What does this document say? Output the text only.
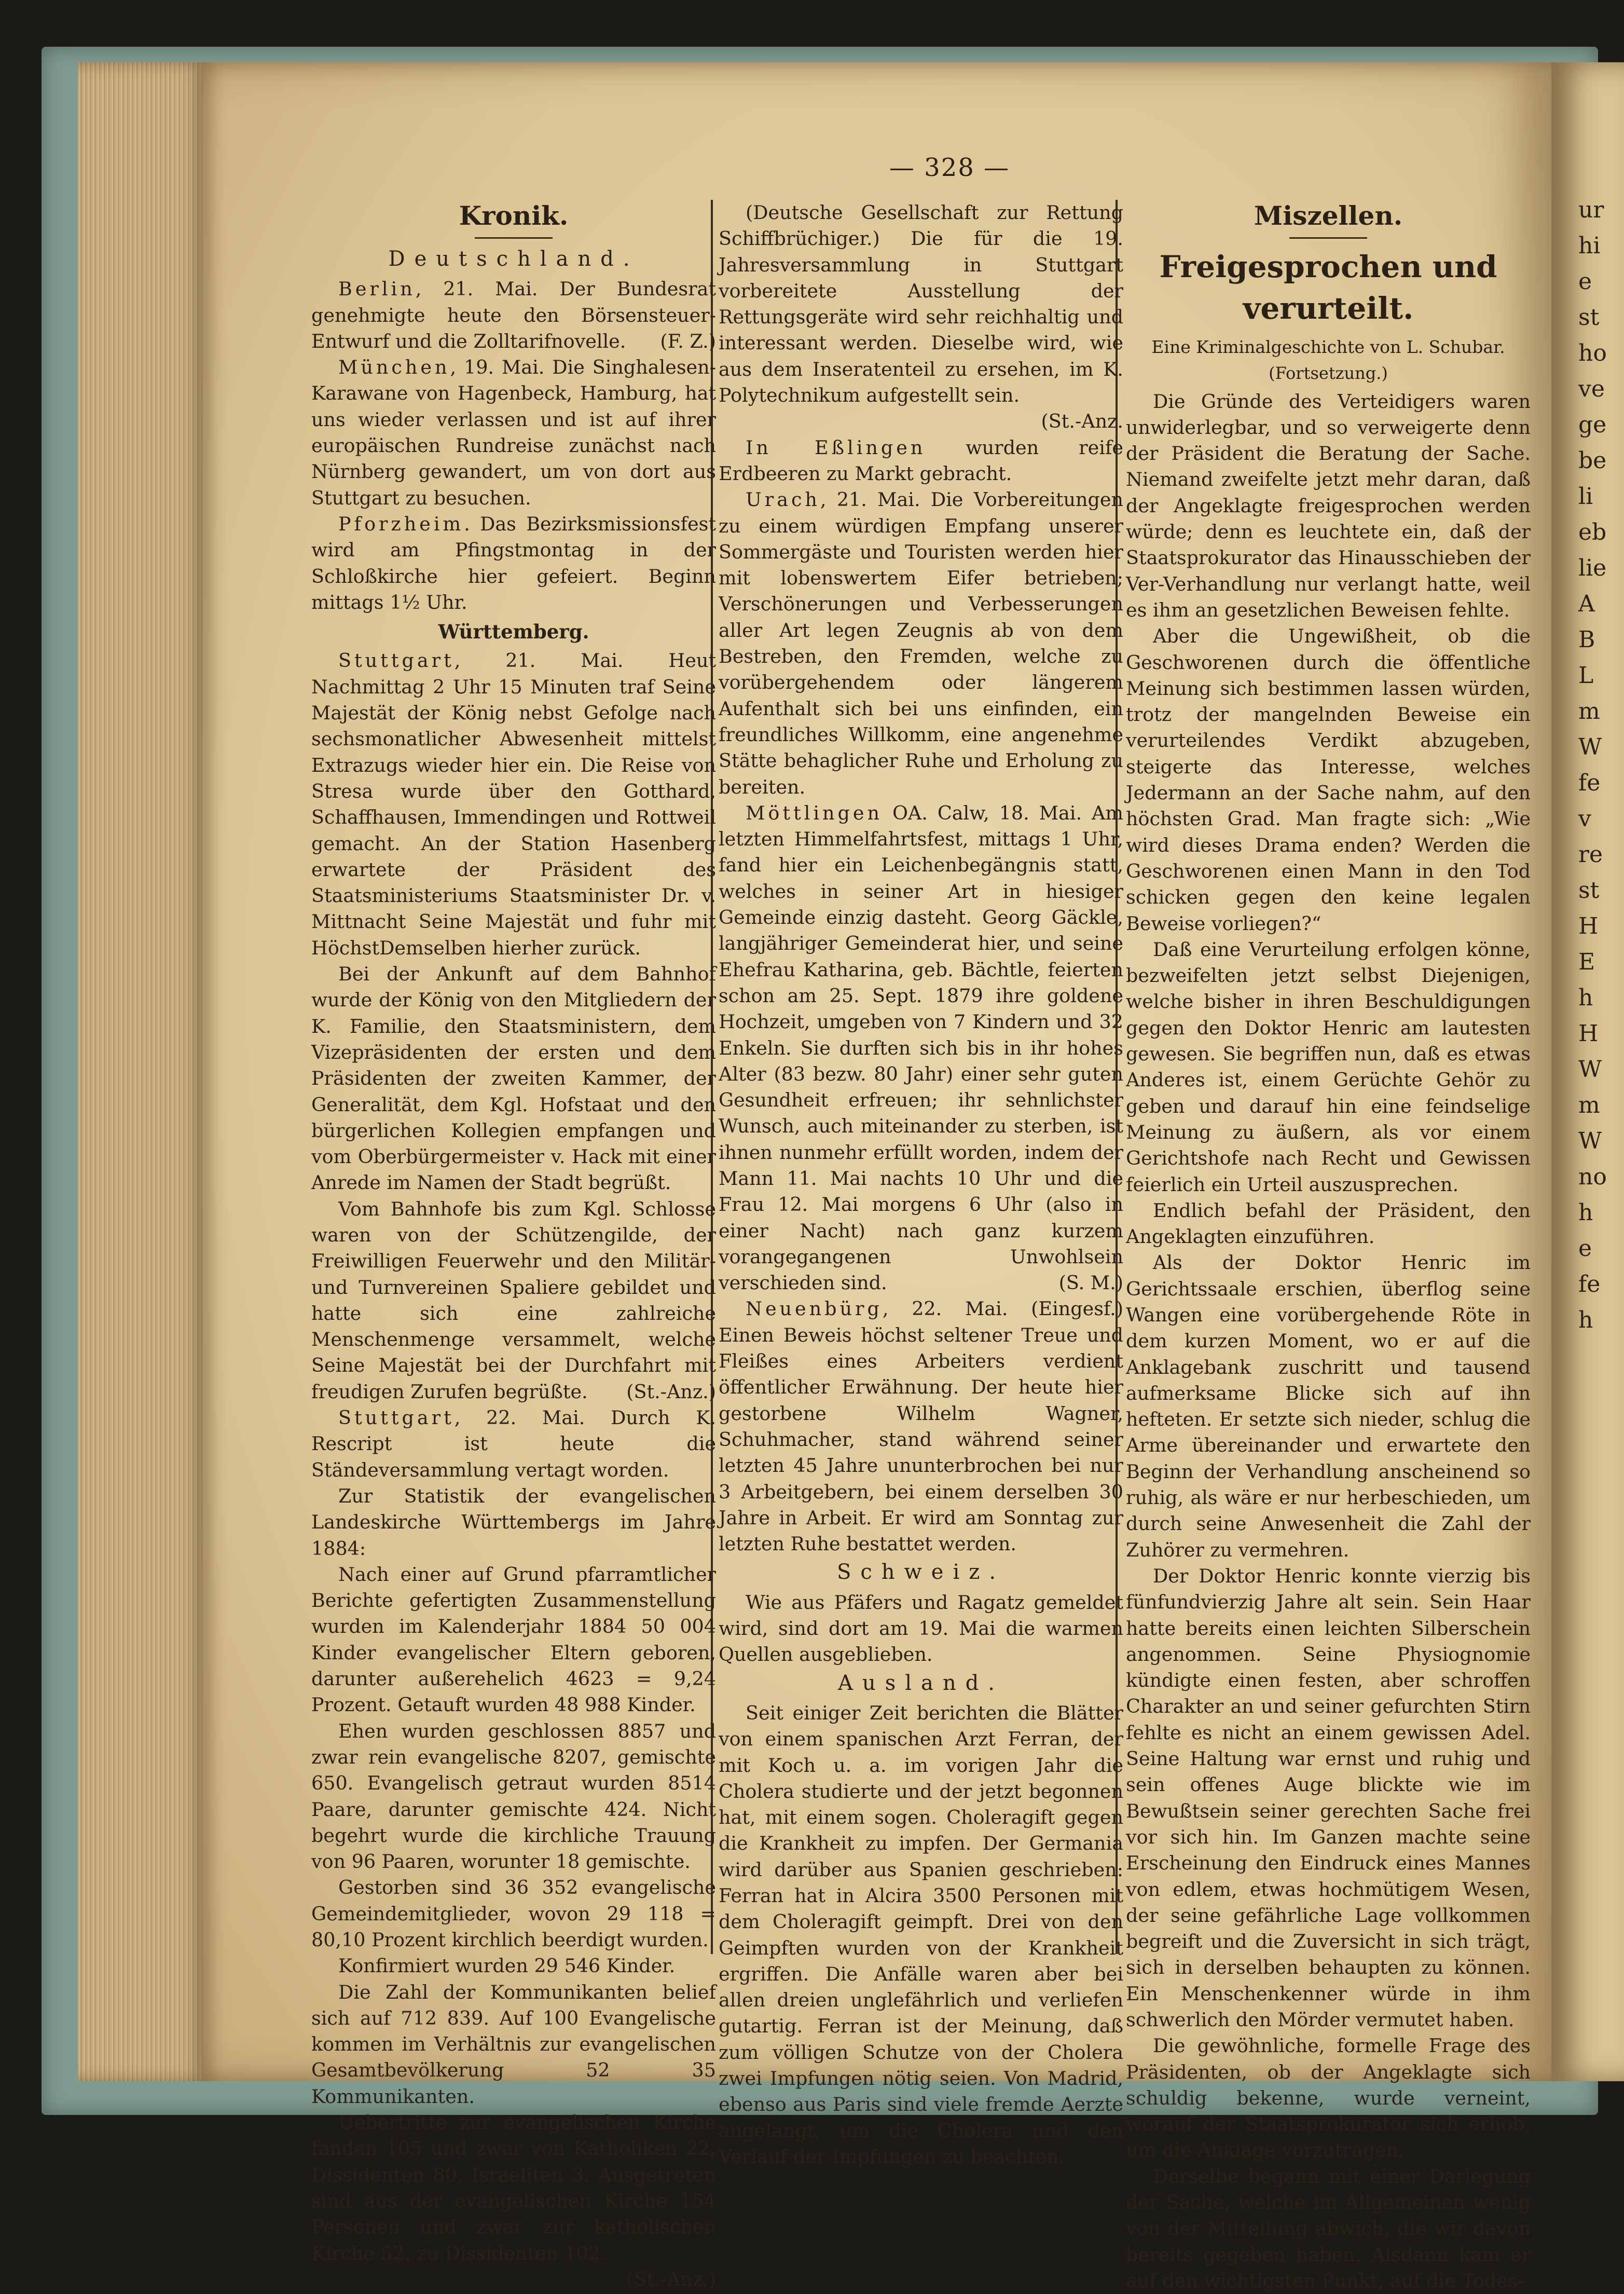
ur
hi
e
st
ho
ve
ge
be
li
eb
lie
A
B
L
m
W
fe
v
re
st
H
E
h
H
W
m
W
no
h
e
fe
h
— 328 —
Kronik.
Deutschland.

Berlin, 21. Mai. Der Bundesrat genehmigte heute den Börsensteuer-Entwurf und die Zolltarifnovelle.	(F. Z.)

München, 19. Mai. Die Singhalesen-Karawane von Hagenbeck, Hamburg, hat uns wieder verlassen und ist auf ihrer europäischen Rundreise zunächst nach Nürnberg gewandert, um von dort aus Stuttgart zu besuchen.

Pforzheim. Das Bezirksmissionsfest wird am Pfingstmontag in der Schloßkirche hier gefeiert. Beginn mittags 1½ Uhr.

Württemberg.

Stuttgart, 21. Mai. Heut Nachmittag 2 Uhr 15 Minuten traf Seine Majestät der König nebst Gefolge nach sechsmonatlicher Abwesenheit mittelst Extrazugs wieder hier ein. Die Reise von Stresa wurde über den Gotthard, Schaffhausen, Immendingen und Rottweil gemacht. An der Station Hasenberg erwartete der Präsident des Staatsministeriums Staatsminister Dr. v. Mittnacht Seine Majestät und fuhr mit HöchstDemselben hierher zurück.

Bei der Ankunft auf dem Bahnhof wurde der König von den Mitgliedern der K. Familie, den Staatsministern, dem Vizepräsidenten der ersten und dem Präsidenten der zweiten Kammer, der Generalität, dem Kgl. Hofstaat und den bürgerlichen Kollegien empfangen und vom Oberbürgermeister v. Hack mit einer Anrede im Namen der Stadt begrüßt.

Vom Bahnhofe bis zum Kgl. Schlosse waren von der Schützengilde, der Freiwilligen Feuerwehr und den Militär- und Turnvereinen Spaliere gebildet und hatte sich eine zahlreiche Menschenmenge versammelt, welche Seine Majestät bei der Durchfahrt mit freudigen Zurufen begrüßte.	(St.-Anz.)

Stuttgart, 22. Mai. Durch K. Rescript ist heute die Ständeversammlung vertagt worden.

Zur Statistik der evangelischen Landeskirche Württembergs im Jahre 1884:

Nach einer auf Grund pfarramtlicher Berichte gefertigten Zusammenstellung wurden im Kalenderjahr 1884 50 004 Kinder evangelischer Eltern geboren, darunter außerehelich 4623 = 9,24 Prozent. Getauft wurden 48 988 Kinder.

Ehen wurden geschlossen 8857 und zwar rein evangelische 8207, gemischte 650. Evangelisch getraut wurden 8514 Paare, darunter gemischte 424. Nicht begehrt wurde die kirchliche Trauung von 96 Paaren, worunter 18 gemischte.

Gestorben sind 36 352 evangelische Gemeindemitglieder, wovon 29 118 = 80,10 Prozent kirchlich beerdigt wurden.

Konfirmiert wurden 29 546 Kinder.

Die Zahl der Kommunikanten belief sich auf 712 839. Auf 100 Evangelische kommen im Verhältnis zur evangelischen Gesamtbevölkerung 52 35 Kommunikanten.

Uebertritte zur evangelischen Kirche fanden 105 und zwar von Katholiken 22, Dissidenten 80, Israeliten 3. Ausgetreten sind aus der evangelischen Kirche 154 Personen und zwar zur katholischen Kirche 52, zu Dissidenten 102.
(St.-Anz.)

(Deutsche Gesellschaft zur Rettung Schiffbrüchiger.) Die für die 19. Jahresversammlung in Stuttgart vorbereitete Ausstellung der Rettungsgeräte wird sehr reichhaltig und interessant werden. Dieselbe wird, wie aus dem Inseratenteil zu ersehen, im K. Polytechnikum aufgestellt sein.
(St.-Anz.

In Eßlingen wurden reife Erdbeeren zu Markt gebracht.

Urach, 21. Mai. Die Vorbereitungen zu einem würdigen Empfang unserer Sommergäste und Touristen werden hier mit lobenswertem Eifer betrieben; Verschönerungen und Verbesserungen aller Art legen Zeugnis ab von dem Bestreben, den Fremden, welche zu vorübergehendem oder längerem Aufenthalt sich bei uns einfinden, ein freundliches Willkomm, eine angenehme Stätte behaglicher Ruhe und Erholung zu bereiten.

Möttlingen OA. Calw, 18. Mai. Am letzten Himmelfahrtsfest, mittags 1 Uhr, fand hier ein Leichenbegängnis statt, welches in seiner Art in hiesiger Gemeinde einzig dasteht. Georg Gäckle, langjähriger Gemeinderat hier, und seine Ehefrau Katharina, geb. Bächtle, feierten schon am 25. Sept. 1879 ihre goldene Hochzeit, umgeben von 7 Kindern und 32 Enkeln. Sie durften sich bis in ihr hohes Alter (83 bezw. 80 Jahr) einer sehr guten Gesundheit erfreuen; ihr sehnlichster Wunsch, auch miteinander zu sterben, ist ihnen nunmehr erfüllt worden, indem der Mann 11. Mai nachts 10 Uhr und die Frau 12. Mai morgens 6 Uhr (also in einer Nacht) nach ganz kurzem vorangegangenen Unwohlsein verschieden sind.	(S. M.)

Neuenbürg, 22. Mai. (Eingesf.) Einen Beweis höchst seltener Treue und Fleißes eines Arbeiters verdient öffentlicher Erwähnung. Der heute hier gestorbene Wilhelm Wagner, Schuhmacher, stand während seiner letzten 45 Jahre ununterbrochen bei nur 3 Arbeitgebern, bei einem derselben 30 Jahre in Arbeit. Er wird am Sonntag zur letzten Ruhe bestattet werden.

Schweiz.

Wie aus Pfäfers und Ragatz gemeldet wird, sind dort am 19. Mai die warmen Quellen ausgeblieben.

Ausland.

Seit einiger Zeit berichten die Blätter von einem spanischen Arzt Ferran, der mit Koch u. a. im vorigen Jahr die Cholera studierte und der jetzt begonnen hat, mit einem sogen. Choleragift gegen die Krankheit zu impfen. Der Germania wird darüber aus Spanien geschrieben: Ferran hat in Alcira 3500 Personen mit dem Choleragift geimpft. Drei von den Geimpften wurden von der Krankheit ergriffen. Die Anfälle waren aber bei allen dreien unglefährlich und verliefen gutartig. Ferran ist der Meinung, daß zum völligen Schutze von der Cholera zwei Impfungen nötig seien. Von Madrid, ebenso aus Paris sind viele fremde Aerzte angelangt, um die Cholera und den Verlauf der Impfungen zu beachten.

Miszellen.
Freigesprochen und verurteilt.
Eine Kriminalgeschichte von L. Schubar.
(Fortsetzung.)

Die Gründe des Verteidigers waren unwiderlegbar, und so verweigerte denn der Präsident die Beratung der Sache. Niemand zweifelte jetzt mehr daran, daß der Angeklagte freigesprochen werden würde; denn es leuchtete ein, daß der Staatsprokurator das Hinausschieben der Ver-Verhandlung nur verlangt hatte, weil es ihm an gesetzlichen Beweisen fehlte.

Aber die Ungewißheit, ob die Geschworenen durch die öffentliche Meinung sich bestimmen lassen würden, trotz der mangelnden Beweise ein verurteilendes Verdikt abzugeben, steigerte das Interesse, welches Jedermann an der Sache nahm, auf den höchsten Grad. Man fragte sich: „Wie wird dieses Drama enden? Werden die Geschworenen einen Mann in den Tod schicken gegen den keine legalen Beweise vorliegen?“

Daß eine Verurteilung erfolgen könne, bezweifelten jetzt selbst Diejenigen, welche bisher in ihren Beschuldigungen gegen den Doktor Henric am lautesten gewesen. Sie begriffen nun, daß es etwas Anderes ist, einem Gerüchte Gehör zu geben und darauf hin eine feindselige Meinung zu äußern, als vor einem Gerichtshofe nach Recht und Gewissen feierlich ein Urteil auszusprechen.

Endlich befahl der Präsident, den Angeklagten einzuführen.

Als der Doktor Henric im Gerichtssaale erschien, überflog seine Wangen eine vorübergehende Röte in dem kurzen Moment, wo er auf die Anklagebank zuschritt und tausend aufmerksame Blicke sich auf ihn hefteten. Er setzte sich nieder, schlug die Arme übereinander und erwartete den Beginn der Verhandlung anscheinend so ruhig, als wäre er nur herbeschieden, um durch seine Anwesenheit die Zahl der Zuhörer zu vermehren.

Der Doktor Henric konnte vierzig bis fünfundvierzig Jahre alt sein. Sein Haar hatte bereits einen leichten Silberschein angenommen. Seine Physiognomie kündigte einen festen, aber schroffen Charakter an und seiner gefurchten Stirn fehlte es nicht an einem gewissen Adel. Seine Haltung war ernst und ruhig und sein offenes Auge blickte wie im Bewußtsein seiner gerechten Sache frei vor sich hin. Im Ganzen machte seine Erscheinung den Eindruck eines Mannes von edlem, etwas hochmütigem Wesen, der seine gefährliche Lage vollkommen begreift und die Zuversicht in sich trägt, sich in derselben behaupten zu können. Ein Menschenkenner würde in ihm schwerlich den Mörder vermutet haben.

Die gewöhnliche, formelle Frage des Präsidenten, ob der Angeklagte sich schuldig bekenne, wurde verneint, worauf der Staatsprokurator sich erhob, um die Anklage vorzutragen.

Derselbe begann mit einer Darlegung der Sache, welche im Allgemeinen wenig von der Mitteilung abwich, die wir davon bereits gegeben haben. Alsdann kam er auf den wichtigsten Punkt, auf die Todes-
